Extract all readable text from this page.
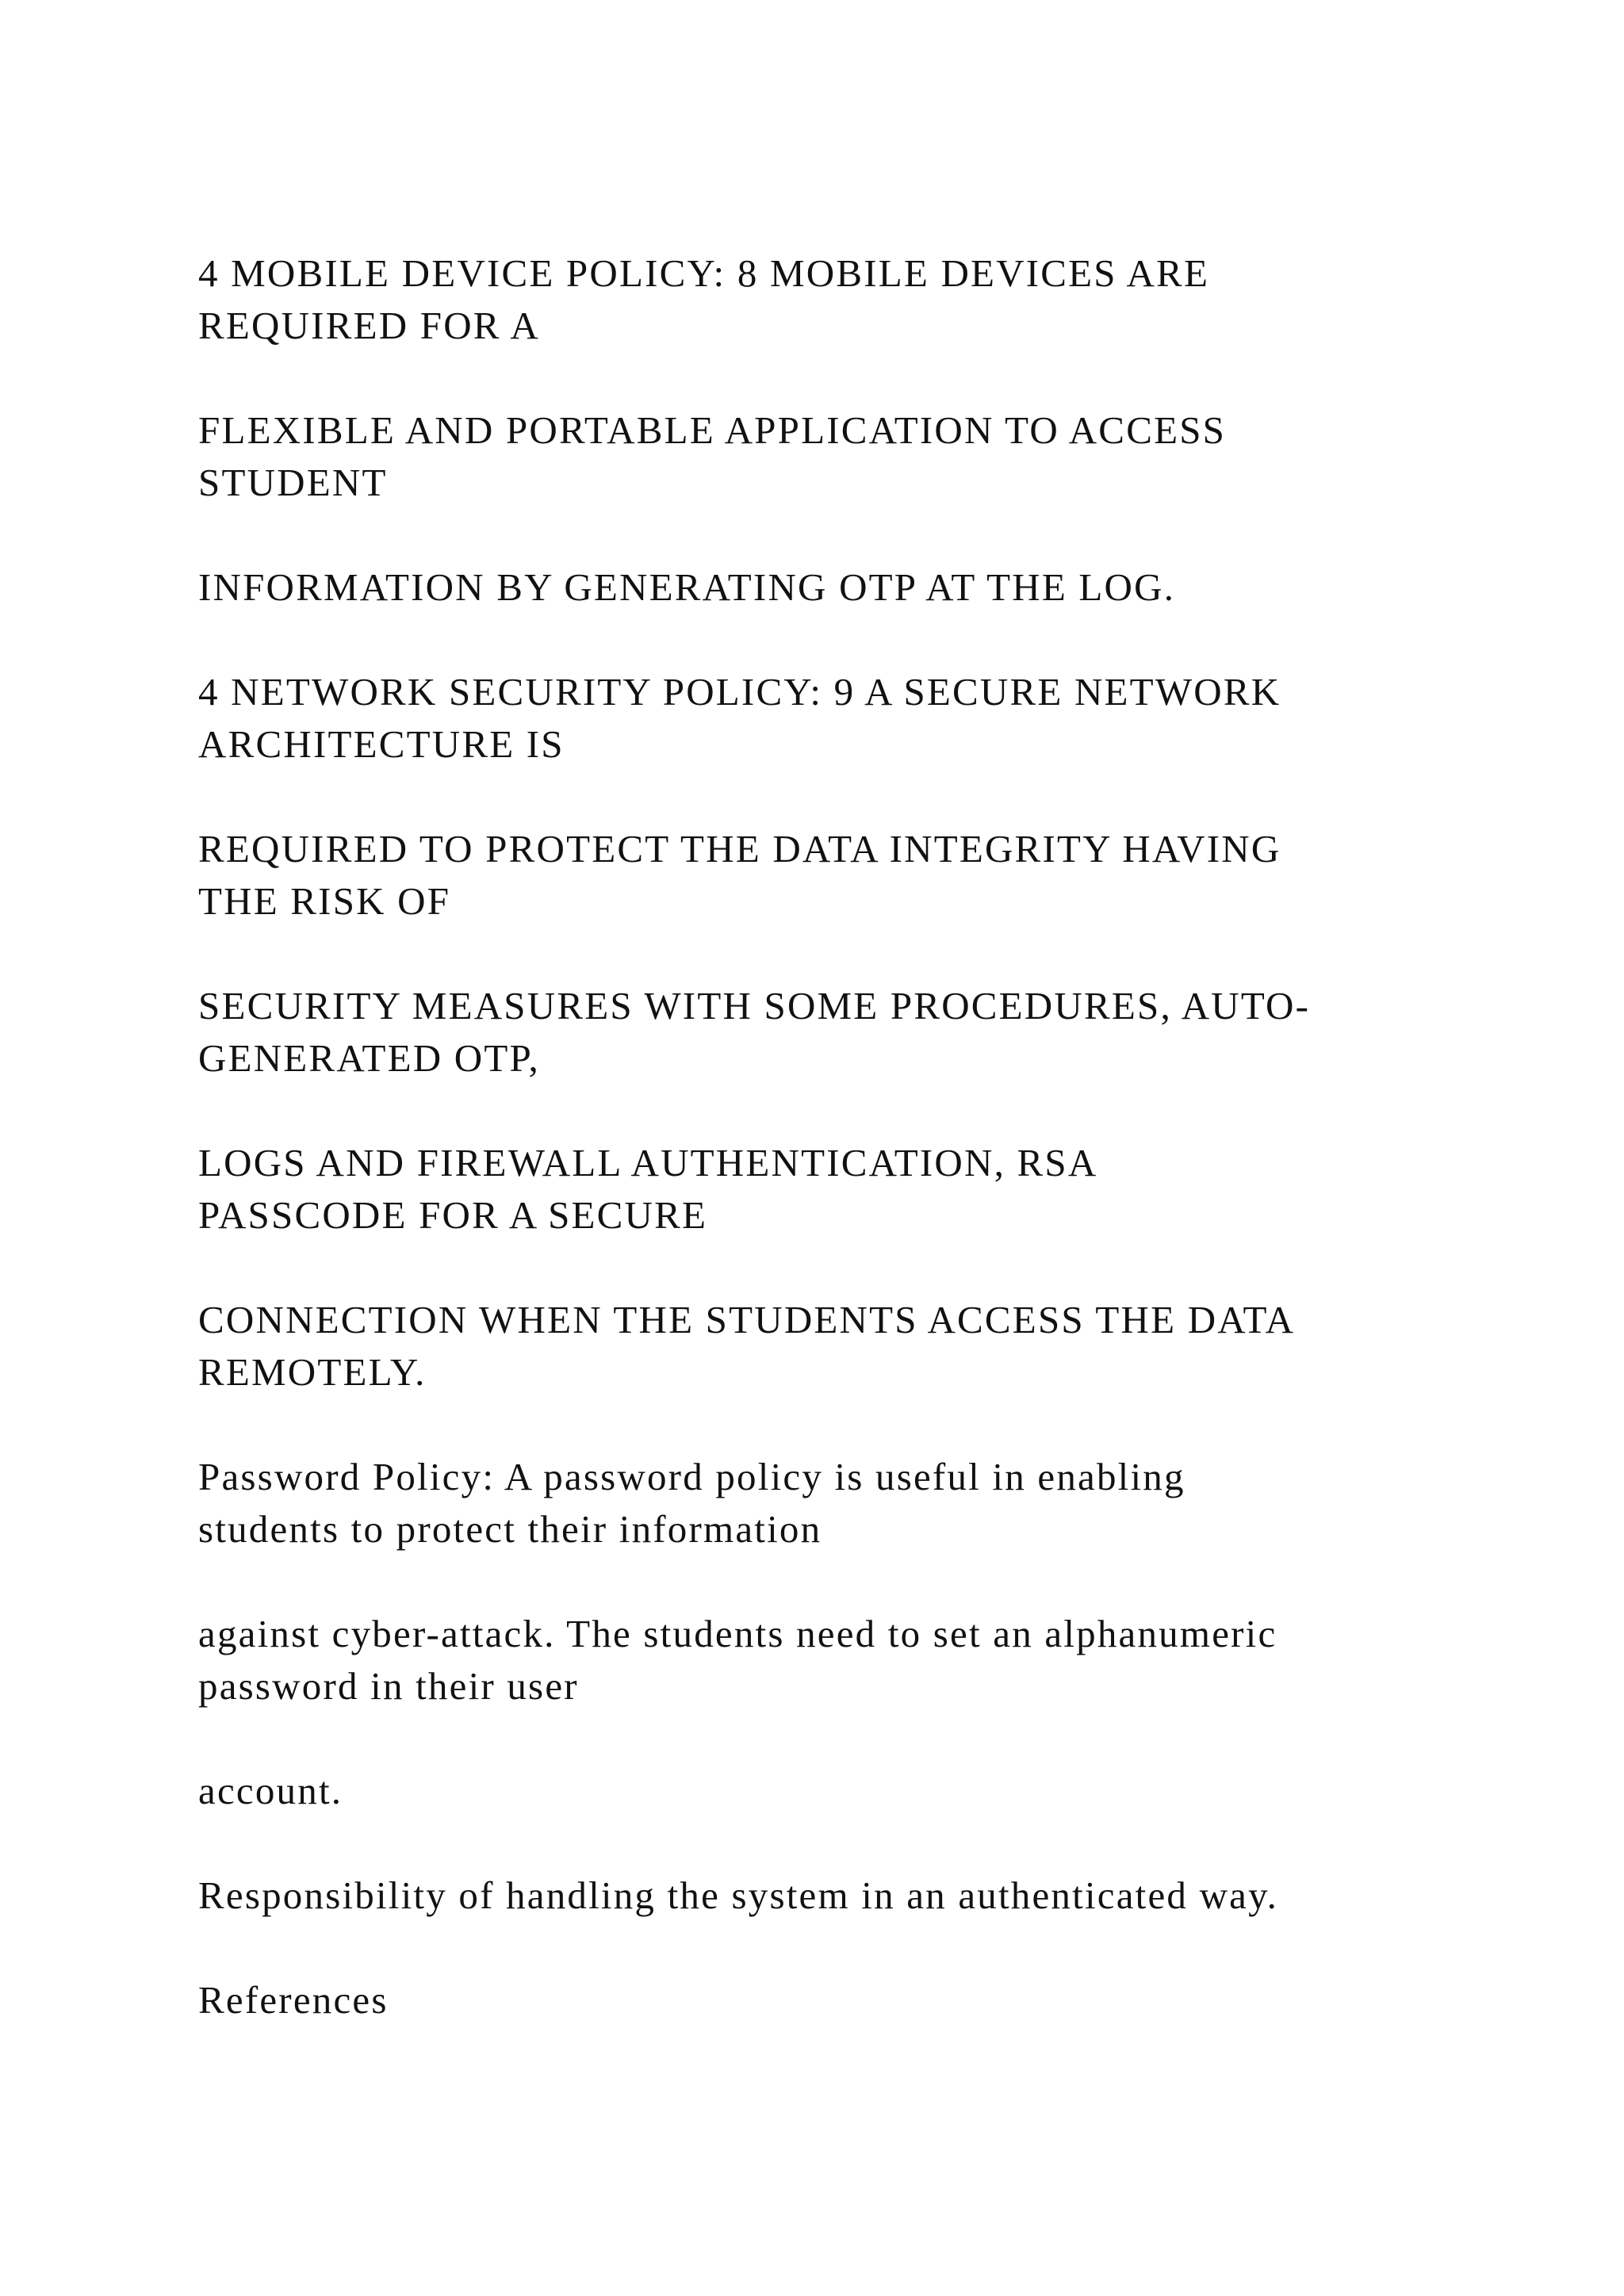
4 MOBILE DEVICE POLICY: 8 MOBILE DEVICES ARE
REQUIRED FOR A

FLEXIBLE AND PORTABLE APPLICATION TO ACCESS
STUDENT

INFORMATION BY GENERATING OTP AT THE LOG.

4 NETWORK SECURITY POLICY: 9 A SECURE NETWORK
ARCHITECTURE IS

REQUIRED TO PROTECT THE DATA INTEGRITY HAVING
THE RISK OF

SECURITY MEASURES WITH SOME PROCEDURES, AUTO-
GENERATED OTP,

LOGS AND FIREWALL AUTHENTICATION, RSA
PASSCODE FOR A SECURE

CONNECTION WHEN THE STUDENTS ACCESS THE DATA
REMOTELY.

Password Policy: A password policy is useful in enabling
students to protect their information

against cyber-attack. The students need to set an alphanumeric
password in their user

account.

Responsibility of handling the system in an authenticated way.

References
